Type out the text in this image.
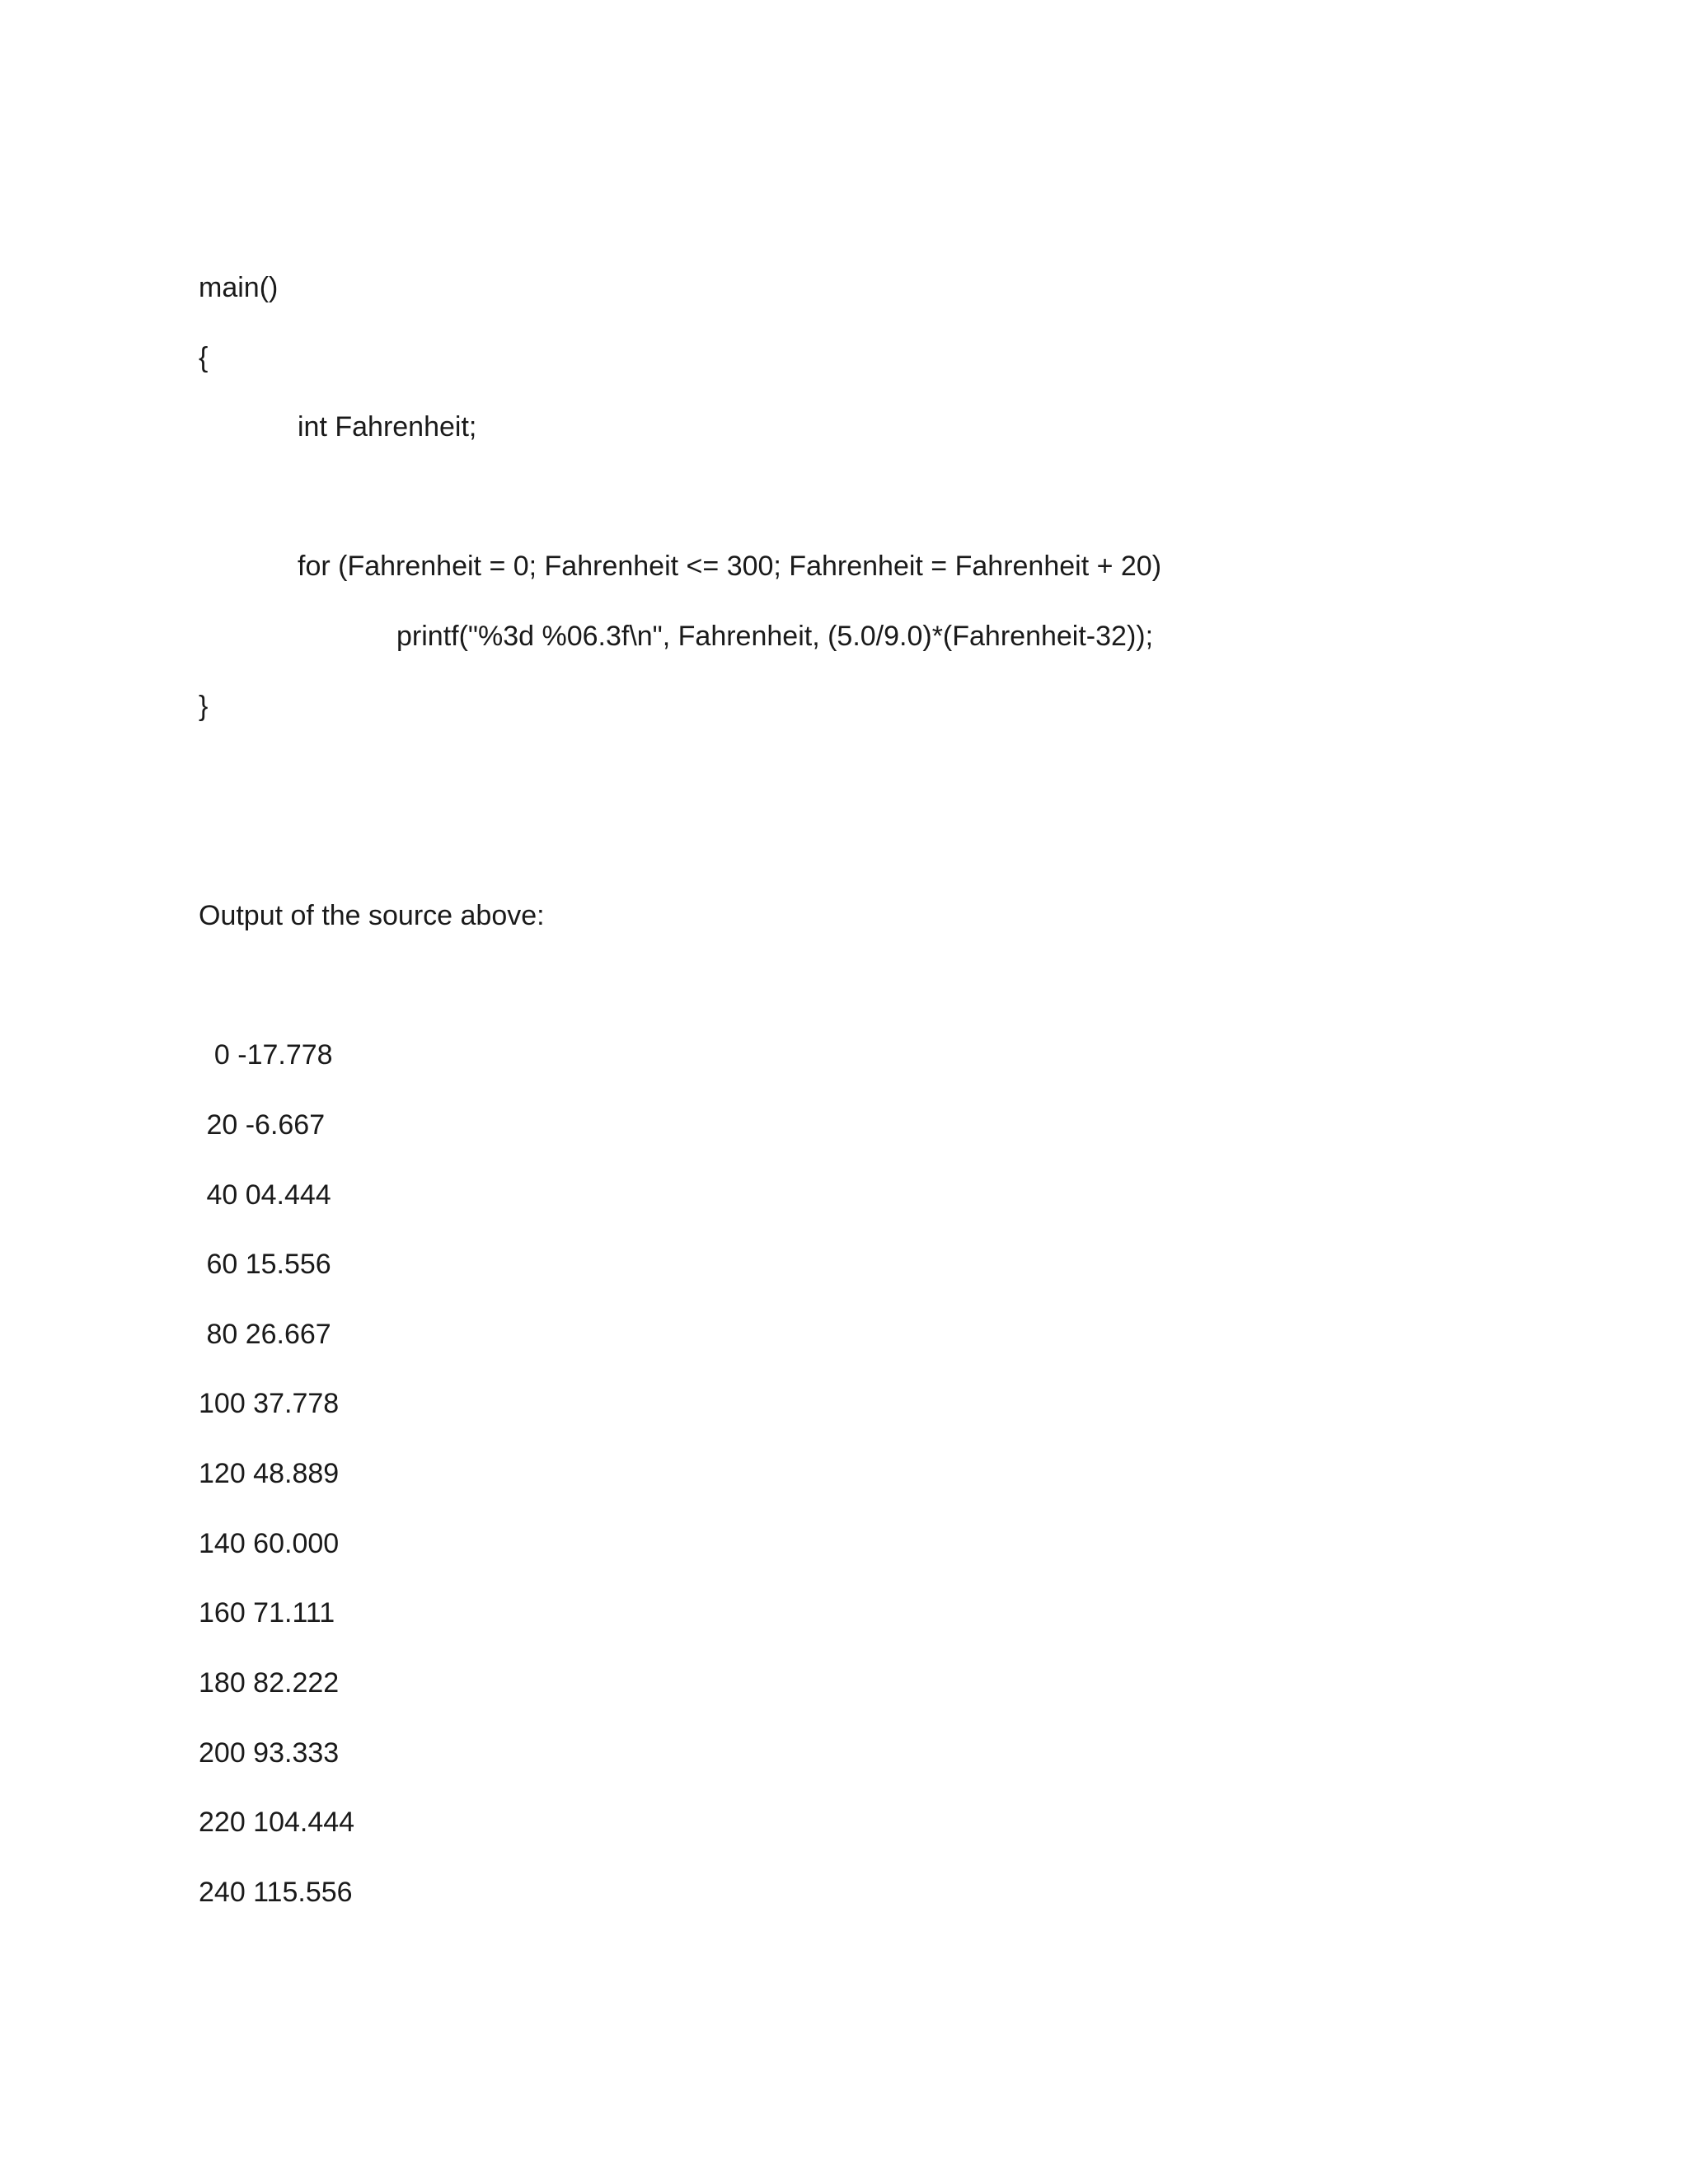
main()
{
int Fahrenheit;
for (Fahrenheit = 0; Fahrenheit <= 300; Fahrenheit = Fahrenheit + 20)
printf("%3d %06.3f\n", Fahrenheit, (5.0/9.0)*(Fahrenheit-32));
}
Output of the source above:
0 -17.778
20 -6.667
40 04.444
60 15.556
80 26.667
100 37.778
120 48.889
140 60.000
160 71.111
180 82.222
200 93.333
220 104.444
240 115.556
